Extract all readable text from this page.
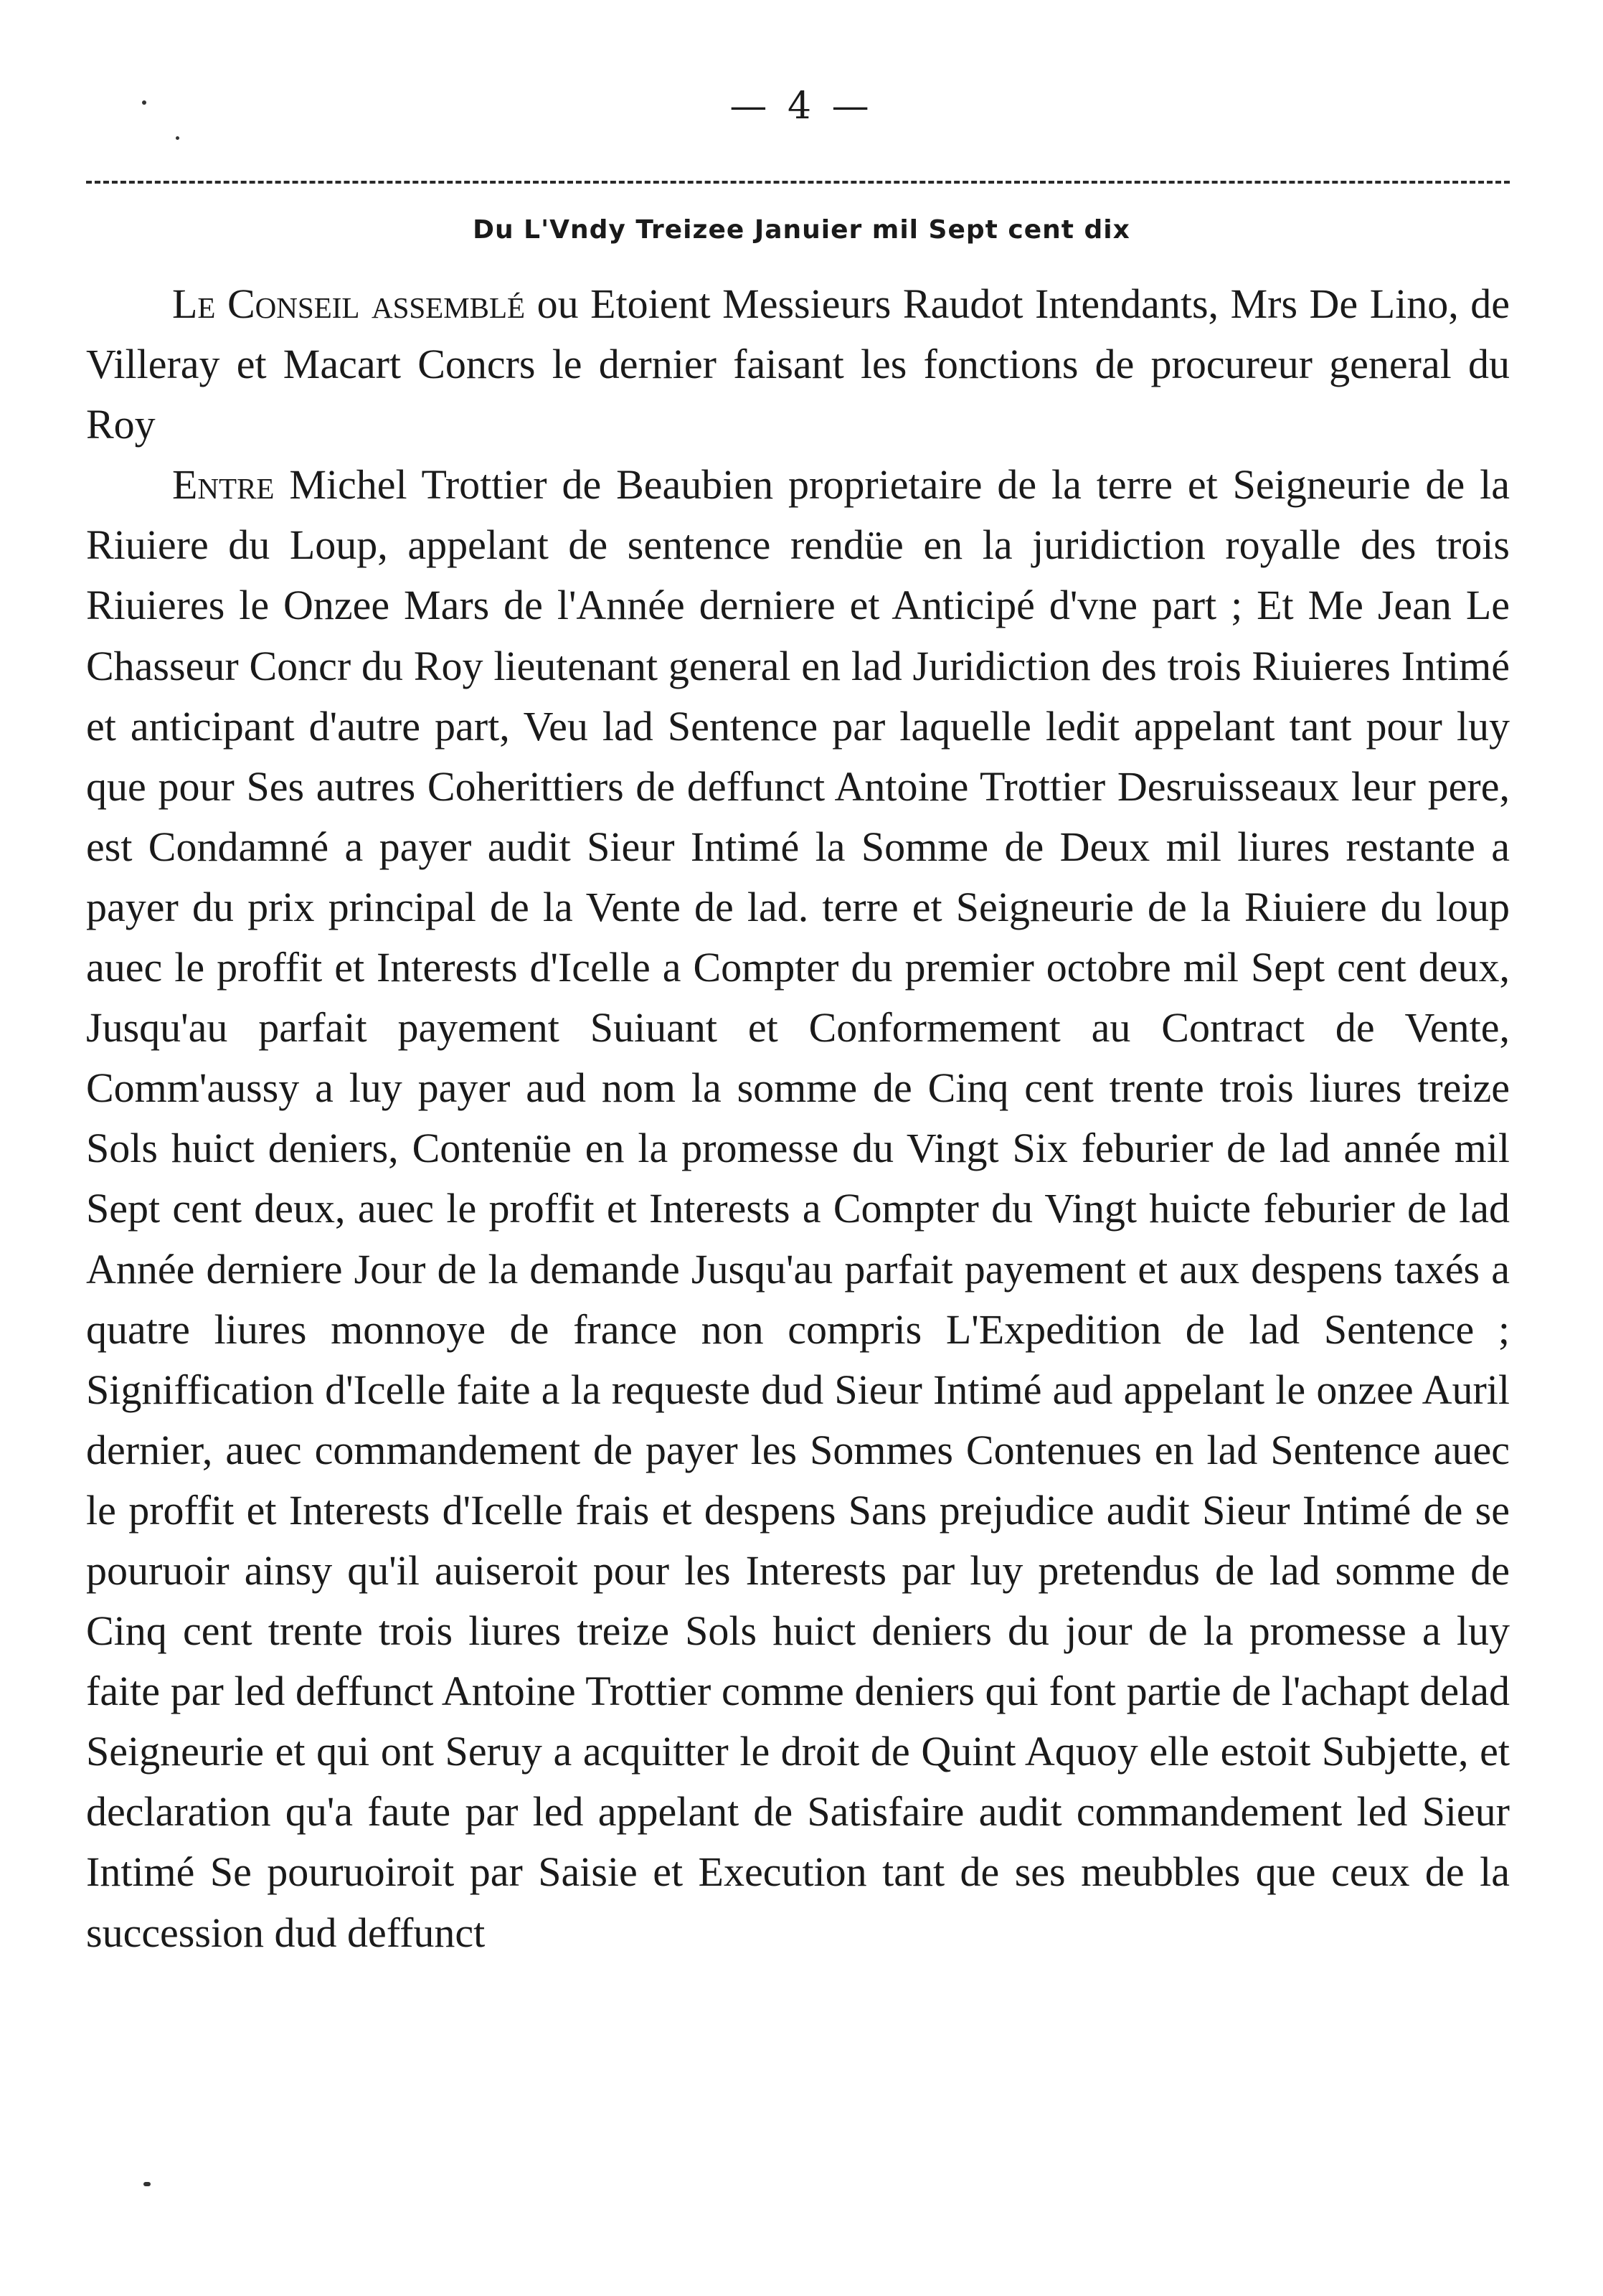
— 4 —
Du L'Vndy Treizee Januier mil Sept cent dix

Le Conseil assemblé ou Etoient Messieurs Raudot Intendants, Mrs De Lino, de Villeray et Macart Concrs le dernier faisant les fonctions de procureur general du Roy

Entre Michel Trottier de Beaubien proprietaire de la terre et Seigneurie de la Riuiere du Loup, appelant de sentence rendüe en la juridiction royalle des trois Riuieres le Onzee Mars de l'Année derniere et Anticipé d'vne part ; Et Me Jean Le Chasseur Concr du Roy lieutenant general en lad Juridiction des trois Riuieres Intimé et anticipant d'autre part, Veu lad Sentence par laquelle ledit appelant tant pour luy que pour Ses autres Coherittiers de deffunct Antoine Trottier Desruisseaux leur pere, est Condamné a payer audit Sieur Intimé la Somme de Deux mil liures restante a payer du prix principal de la Vente de lad. terre et Seigneurie de la Riuiere du loup auec le proffit et Interests d'Icelle a Compter du premier octobre mil Sept cent deux, Jusqu'au parfait payement Suiuant et Conformement au Contract de Vente, Comm'aussy a luy payer aud nom la somme de Cinq cent trente trois liures treize Sols huict deniers, Contenüe en la promesse du Vingt Six feburier de lad année mil Sept cent deux, auec le proffit et Interests a Compter du Vingt huicte feburier de lad Année derniere Jour de la demande Jusqu'au parfait payement et aux despens taxés a quatre liures monnoye de france non compris L'Expedition de lad Sentence ; Signiffication d'Icelle faite a la requeste dud Sieur Intimé aud appelant le onzee Auril dernier, auec commandement de payer les Sommes Contenues en lad Sentence auec le proffit et Interests d'Icelle frais et despens Sans prejudice audit Sieur Intimé de se pouruoir ainsy qu'il auiseroit pour les Interests par luy pretendus de lad somme de Cinq cent trente trois liures treize Sols huict deniers du jour de la promesse a luy faite par led deffunct Antoine Trottier comme deniers qui font partie de l'achapt delad Seigneurie et qui ont Seruy a acquitter le droit de Quint Aquoy elle estoit Subjette, et declaration qu'a faute par led appelant de Satisfaire audit commandement led Sieur Intimé Se pouruoiroit par Saisie et Execution tant de ses meubbles que ceux de la succession dud deffunct
